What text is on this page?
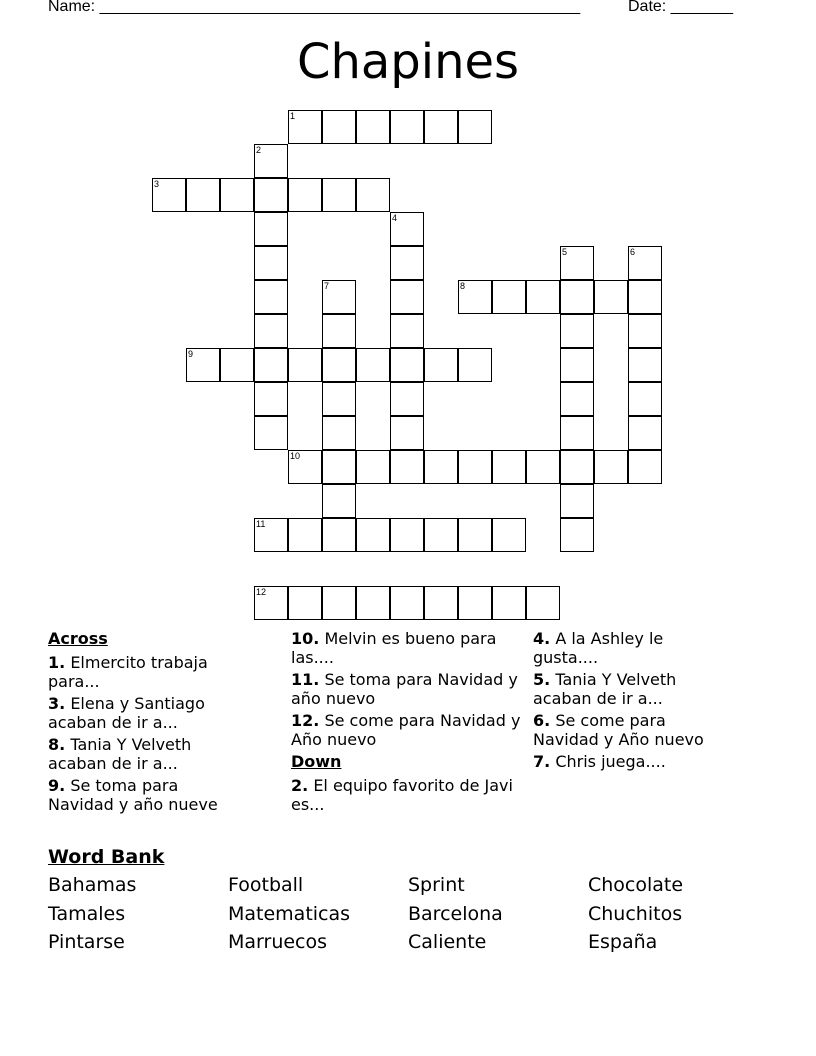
Name: ______________________________________________________	Date: _______
Chapines
1
2
3
4
5	6
7	8
9
10
11
12
Across
1. Elmercito trabaja para...
3. Elena y Santiago acaban de ir a...
8. Tania Y Velveth acaban de ir a...
9. Se toma para Navidad y año nueve
10. Melvin es bueno para las....
11. Se toma para Navidad y año nuevo
12. Se come para Navidad y Año nuevo
Down
2. El equipo favorito de Javi es...
4. A la Ashley le gusta....
5. Tania Y Velveth acaban de ir a...
6. Se come para Navidad y Año nuevo
7. Chris juega....
Word Bank
Bahamas	Football	Sprint	Chocolate
Tamales	Matematicas	Barcelona	Chuchitos
Pintarse	Marruecos	Caliente	España
